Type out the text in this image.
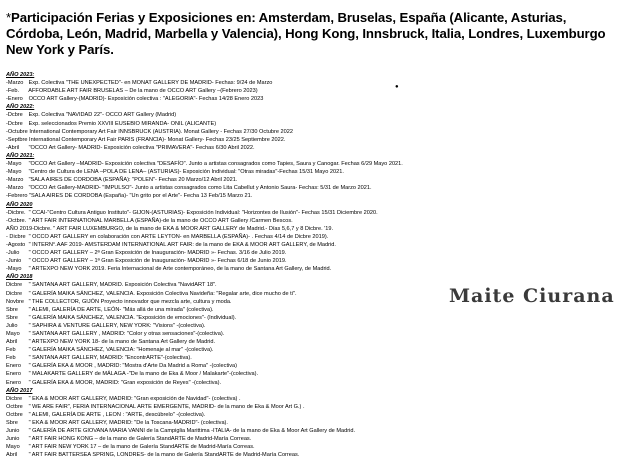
*Participación Ferias y Exposiciones en: Amsterdam, Bruselas, España (Alicante, Asturias, Córdoba, León, Madrid, Marbella y Valencia), Hong Kong, Innsbruck, Italia, Londres, Luxemburgo New York y París.
●
AÑO 2023:
-Marzo Exp. Colectiva "THE UNEXPECTED"- en MONAT GALLERY DE MADRID- Fechas: 9/24 de Marzo
-Feb. AFFORDABLE ART FAIR BRUSELAS – De la mano de OCCO ART Gallery –(Febrero 2023)
-Enero OCCO ART Gallery-(MADRID)- Exposición colectiva : "ALEGORIA"- Fechas 14/28 Enero 2023
AÑO 2022:
-Dcbre Exp. Colectiva "NAVIDAD 22"- OCCO ART Gallery (Madrid)
-Dcbre Exp. seleccionados Premio XXVIII EUSEBIO MIRANDA- ONIL (ALICANTE)
-Octubre International Contemporary Art Fair INNSBRUCK (AUSTRIA). Monat Gallery - Fechas 27/30 Octubre 2022
-Septbre International Contemporary Art Fair PARIS (FRANCIA)- Monat Gallery- Fechas 23/25 Septiembre 2022.
-Abril "OCCO Art Gallery- MADRID- Exposición colectiva "PRIMAVERA"- Fechas 6/30 Abril 2022.
AÑO 2021:
-Mayo "OCCO Art Gallery –MADRID- Exposición colectiva "DESAFÍO". Junto a artistas consagrados como Tapies, Saura y Canogar. Fechas 6/29 Mayo 2021.
-Mayo "Centro de Cultura de LENA –POLA DE LENA– (ASTURIAS)- Exposición Individual: "Otras miradas"-Fechas 15/31 Mayo 2021.
-Marzo "SALA AIRES DE CORDOBA (ESPAÑA): "POLEN"- Fechas 20 Marzo/12 Abril 2021.
-Marzo "OCCO Art Gallery-MADRID- "IMPULSO"- Junto a artistas consagrados como Lita Cabellut y Antonio Saura- Fechas: 5/31 de Marzo 2021.
-Febrero "SALA AIRES DE CORDOBA (España)- "Un grito por el Arte"- Fecha 13 Feb/15 Marzo 21.
AÑO 2020
-Dicbre. " CCAI-"Centro Cultura Antiguo Instituto"- GIJON-(ASTURIAS)- Exposición Individual: "Horizontes de Ilusión"- Fechas 15/31 Diciembre 2020.
-Octbre. " ART FAIR INTERNATIONAL MARBELLA (ESPAÑA)-de la mano de OCCO ART Gallery /Carmen Bescos.
AÑO 2019-Dicbre. " ART FAIR LUXEMBURGO, de la mano de EKA & MOOR ART GALLERY de Madrid.- Días 5,6,7 y 8 Dicbre. '19.
- Dicbre " OCCO ART GALLERY en colaboración con ARTE LEYTON- en MARBELLA (ESPAÑA)- . Fechas 4/14 de Dicbre 2019).
-Agosto " INTERN°.AAF 2019- AMSTERDAM INTERNATIONAL ART FAIR: de la mano de EKA & MOOR ART GALLERY, de Madrid.
-Julio " OCCO ART GALLERY – 2ª Gran Exposición de Inauguración- MADRID »- Fechas. 3/16 de Julio 2019.
-Junio " OCCO ART GALLERY – 1ª Gran Exposición de Inauguración- MADRID »- Fechas 6/18 de Junio 2019.
-Mayo " ARTEXPO NEW YORK 2019. Feria Internacional de Arte contemporáneo, de la mano de Santana Art Gallery, de Madrid.
AÑO 2018
Dicbre " SANTANA ART GALLERY, MADRID. Exposición Colectiva "NavidART 18".
Dicbre " GALERÍA MAIKA SÁNCHEZ, VALENCIA. Exposición Colectiva Navideña: "Regalar arte, dice mucho de ti".
Novbre " THE COLLECTOR, GIJÓN Proyecto innovador que mezcla arte, cultura y moda.
Sbre " ALEMI, GALERÍA DE ARTE, LEÓN- "Más allá de una mirada" (colectiva).
Sbre " GALERÍA MAIKA SÁNCHEZ, VALENCIA. "Exposición de emociones"- (Individual).
Julio " SAPHIRA & VENTURE GALLERY, NEW YORK: "Visions" -(colectiva).
Mayo " SANTANA ART GALLERY , MADRID: "Color y otras sensaciones"-(colectiva).
Abril " ARTEXPO NEW YORK 18- de la mano de Santana Art Gallery de Madrid.
Feb " GALERÍA MAIKA SÁNCHEZ, VALENCIA: "Homenaje al mar" -(colectiva).
Feb " SANTANA ART GALLERY, MADRID: "EncontrARTE"-(colectiva).
Enero " GALERÍA EKA & MOOR , MADRID: "Mostra d'Arte Da Madrid a Roma" -(colectiva)
Enero " MALAKARTE GALLERY de MÁLAGA -"De la mano de Eka & Moor / Malakarte"-(colectiva).
Enero " GALERÍA EKA & MOOR, MADRID: "Gran exposición de Reyes" -(colectiva).
AÑO 2017
Dicbre " EKA & MOOR ART GALLERY, MADRID: "Gran exposición de Navidad"- (colectiva) .
Octbre " WE ARE FAIR", FERIA INTERNACIONAL ARTE EMERGENTE, MADRID- de la mano de Eka & Moor Art G.) .
Octbre " ALEMI, GALERÍA DE ARTE , LEON : "ARTE, descúbrelo" -(colectiva).
Sbre " EKA & MOOR ART GALLERY, MADRID: "De la Toscana-MADRID"- (colectiva).
Junio " GALERÍA DE ARTE GIOVANA MARIA VANNI de la Campiglia Marittima -ITALIA- de la mano de Eka & Moor Art Gallery de Madrid.
Junio " ART FAIR HONG KONG – de la mano de Galería StandARTE de Madrid-María Correas.
Mayo " ART FAIR NEW YORK 17 – de la mano de Galería StandARTE de Madrid-María Correas.
Abril " ART FAIR BATTERSEA SPRING, LONDRES- de la mano de Galería StandARTE de Madrid-María Correas.
Maite Ciurana
